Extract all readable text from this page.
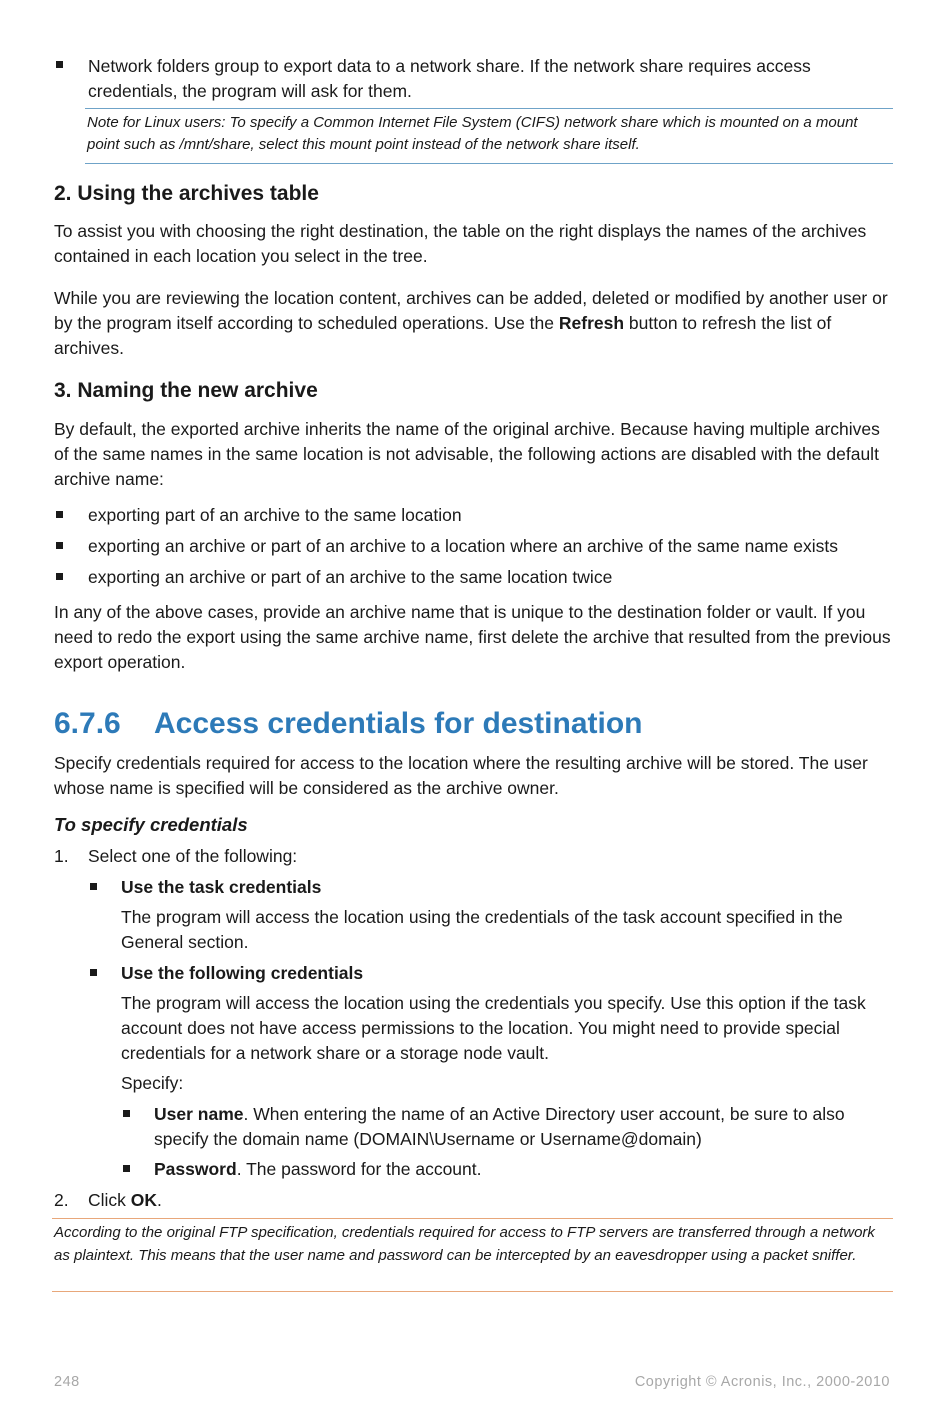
Network folders group to export data to a network share. If the network share requires access credentials, the program will ask for them.

Note for Linux users: To specify a Common Internet File System (CIFS) network share which is mounted on a mount point such as /mnt/share, select this mount point instead of the network share itself.

2. Using the archives table

To assist you with choosing the right destination, the table on the right displays the names of the archives contained in each location you select in the tree.

While you are reviewing the location content, archives can be added, deleted or modified by another user or by the program itself according to scheduled operations. Use the Refresh button to refresh the list of archives.

3. Naming the new archive

By default, the exported archive inherits the name of the original archive. Because having multiple archives of the same names in the same location is not advisable, the following actions are disabled with the default archive name:

exporting part of an archive to the same location

exporting an archive or part of an archive to a location where an archive of the same name exists

exporting an archive or part of an archive to the same location twice

In any of the above cases, provide an archive name that is unique to the destination folder or vault. If you need to redo the export using the same archive name, first delete the archive that resulted from the previous export operation.

6.7.6 Access credentials for destination

Specify credentials required for access to the location where the resulting archive will be stored. The user whose name is specified will be considered as the archive owner.

To specify credentials

1. Select one of the following:

Use the task credentials

The program will access the location using the credentials of the task account specified in the General section.

Use the following credentials

The program will access the location using the credentials you specify. Use this option if the task account does not have access permissions to the location. You might need to provide special credentials for a network share or a storage node vault.

Specify:

User name. When entering the name of an Active Directory user account, be sure to also specify the domain name (DOMAIN\Username or Username@domain)

Password. The password for the account.

2. Click OK.

According to the original FTP specification, credentials required for access to FTP servers are transferred through a network as plaintext. This means that the user name and password can be intercepted by an eavesdropper using a packet sniffer.

248	Copyright © Acronis, Inc., 2000-2010
